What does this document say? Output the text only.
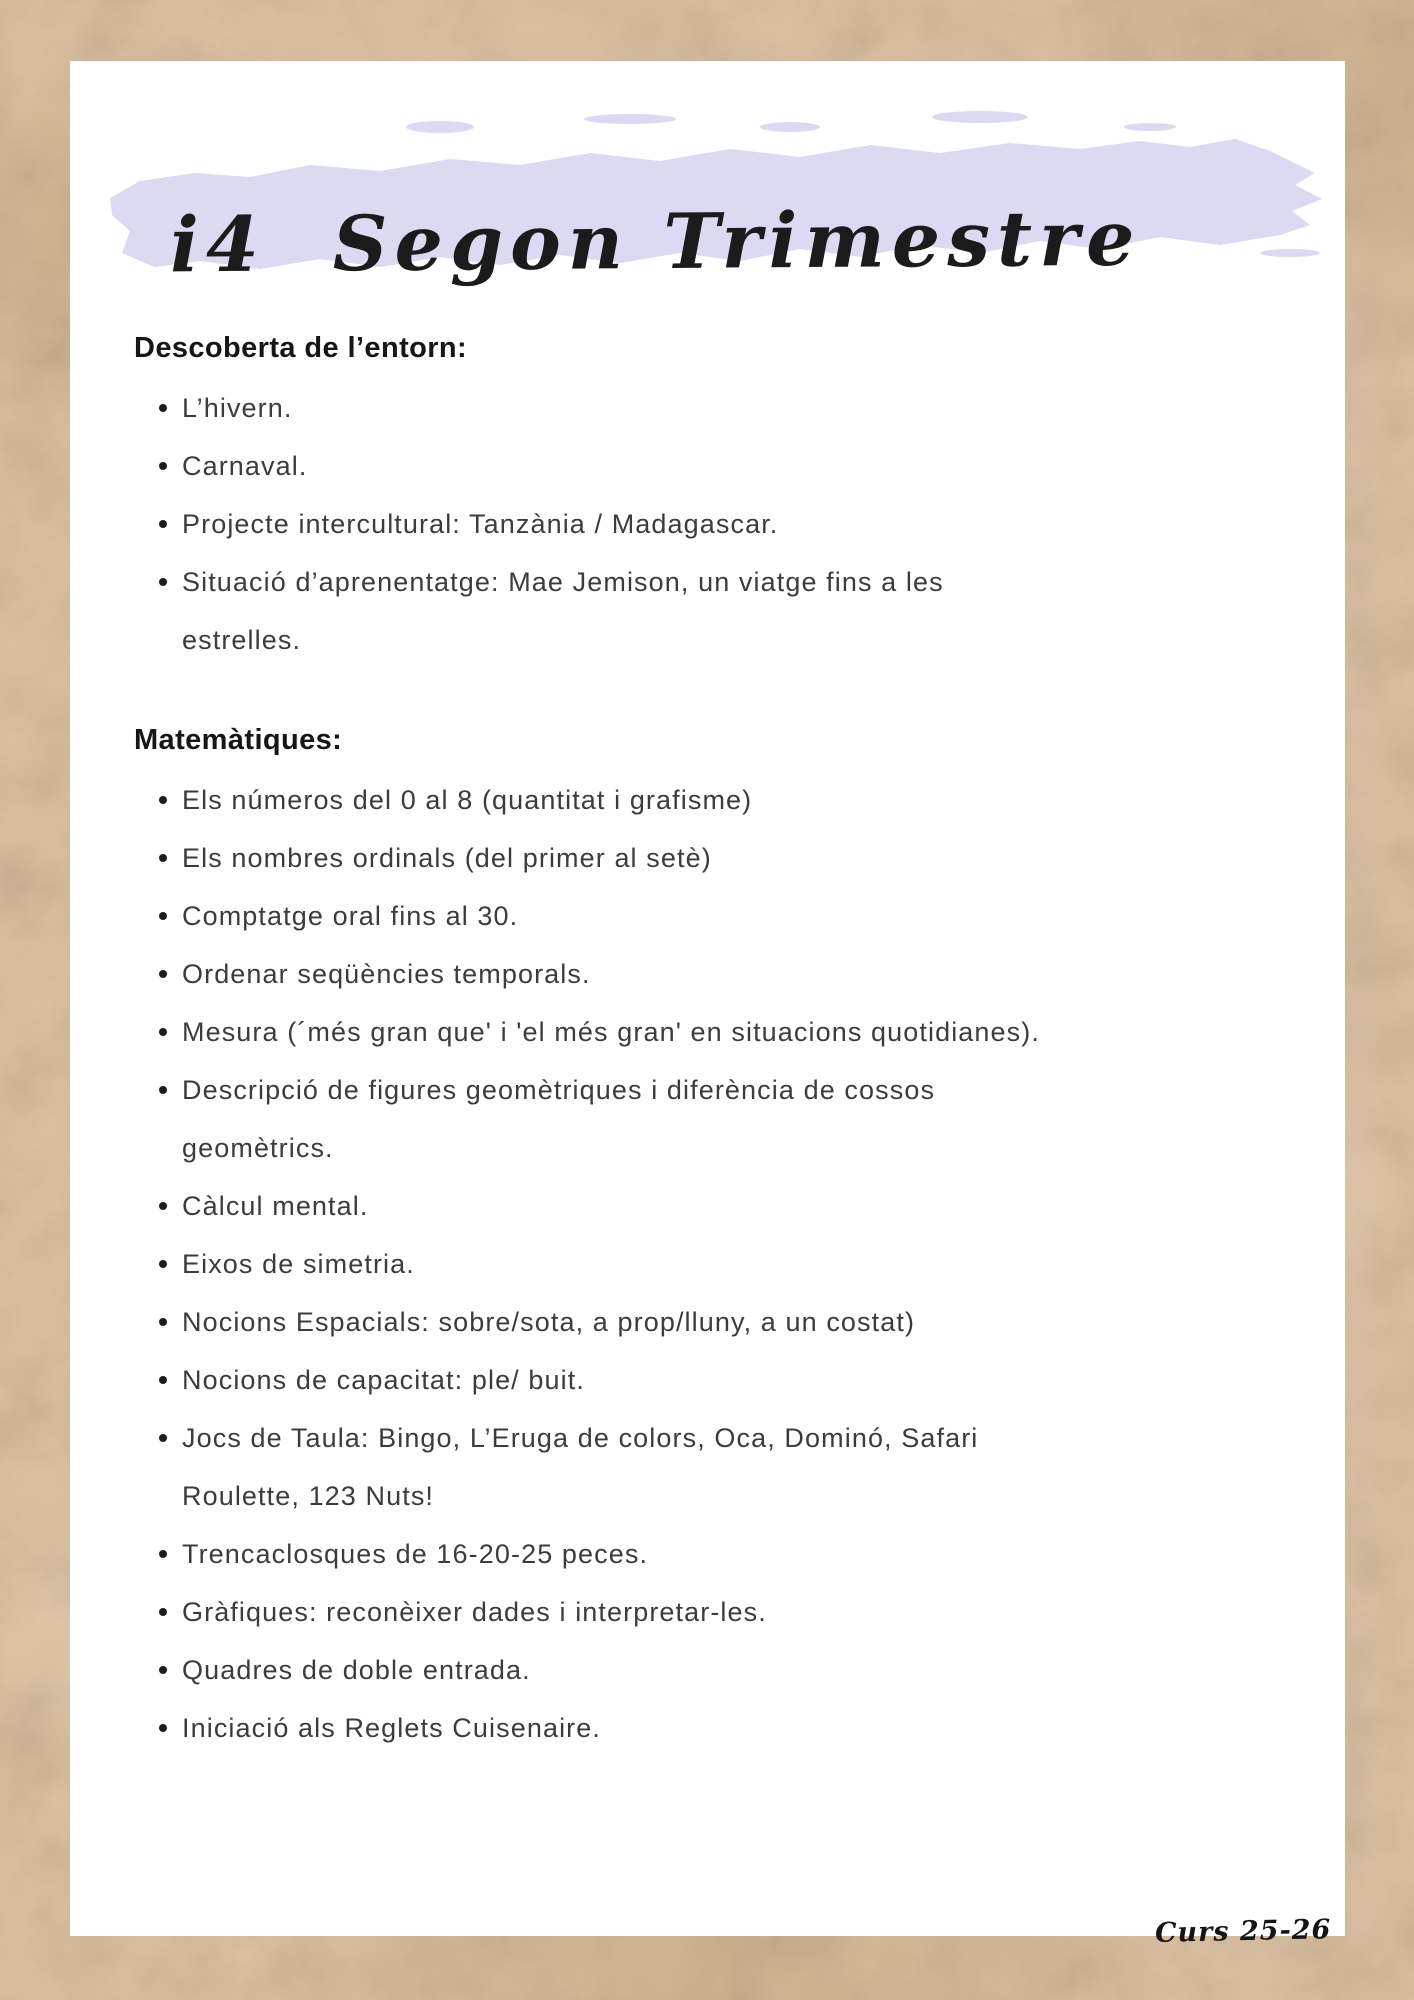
i4  Segon Trimestre
Descoberta de l’entorn:
L’hivern.
Carnaval.
Projecte intercultural: Tanzània / Madagascar.
Situació d’aprenentatge: Mae Jemison, un viatge fins a les estrelles.
Matemàtiques:
Els números del 0 al 8 (quantitat i grafisme)
Els nombres ordinals (del primer al setè)
Comptatge oral fins al 30.
Ordenar seqüències temporals.
Mesura (´més gran que' i 'el més gran' en situacions quotidianes).
Descripció de figures geomètriques i diferència de cossos geomètrics.
Càlcul mental.
Eixos de simetria.
Nocions Espacials: sobre/sota, a prop/lluny, a un costat)
Nocions de capacitat: ple/ buit.
Jocs de Taula: Bingo, L’Eruga de colors, Oca, Dominó, Safari Roulette, 123 Nuts!
Trencaclosques de 16-20-25 peces.
Gràfiques: reconèixer dades i interpretar-les.
Quadres de doble entrada.
Iniciació als Reglets Cuisenaire.
Curs 25-26
